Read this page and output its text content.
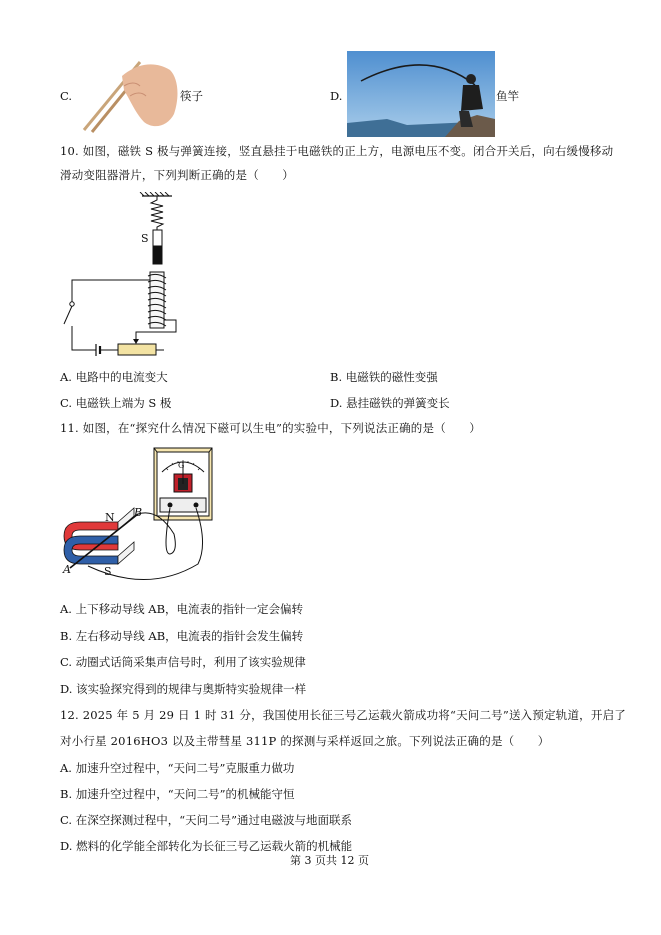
C.	筷子	D.	鱼竿
10. 如图，磁铁 S 极与弹簧连接，竖直悬挂于电磁铁的正上方，电源电压不变。闭合开关后，向右缓慢移动
滑动变阻器滑片，下列判断正确的是（　　）
S
A. 电路中的电流变大	B. 电磁铁的磁性变强
C. 电磁铁上端为 S 极	D. 悬挂磁铁的弹簧变长
11. 如图，在“探究什么情况下磁可以生电”的实验中，下列说法正确的是（　　）
N
S
A
B
G
A. 上下移动导线 AB，电流表的指针一定会偏转
B. 左右移动导线 AB，电流表的指针会发生偏转
C. 动圈式话筒采集声信号时，利用了该实验规律
D. 该实验探究得到的规律与奥斯特实验规律一样
12. 2025 年 5 月 29 日 1 时 31 分，我国使用长征三号乙运载火箭成功将“天问二号”送入预定轨道，开启了
对小行星 2016HO3 以及主带彗星 311P 的探测与采样返回之旅。下列说法正确的是（　　）
A. 加速升空过程中，“天问二号”克服重力做功
B. 加速升空过程中，“天问二号”的机械能守恒
C. 在深空探测过程中，“天问二号”通过电磁波与地面联系
D. 燃料的化学能全部转化为长征三号乙运载火箭的机械能
第 3 页共 12 页
